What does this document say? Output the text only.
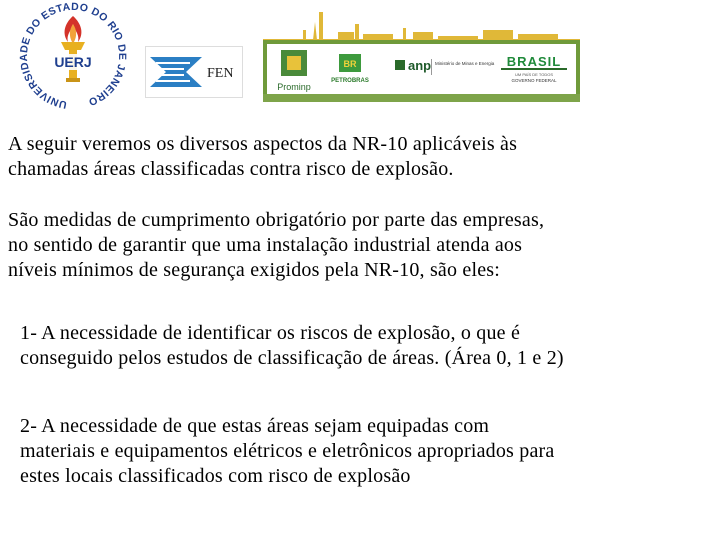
UNIVERSIDADE DO ESTADO DO RIO DE JANEIRO
UERJ
FEN
Prominp
BR
PETROBRAS
anp Ministério de Minas e Energia BRASIL
UM PAÍS DE TODOS
GOVERNO FEDERAL
A seguir veremos os diversos aspectos da NR-10 aplicáveis às
chamadas áreas classificadas contra risco de explosão.
São medidas de cumprimento obrigatório por parte das empresas,
no sentido de garantir que uma instalação industrial atenda aos
níveis mínimos de segurança exigidos pela NR-10, são eles:
1- A necessidade de identificar os riscos de explosão, o que é
conseguido pelos estudos de classificação de áreas. (Área 0, 1 e 2)
2- A necessidade de que estas áreas sejam equipadas com
materiais e equipamentos elétricos e eletrônicos apropriados para
estes locais classificados com risco de explosão
